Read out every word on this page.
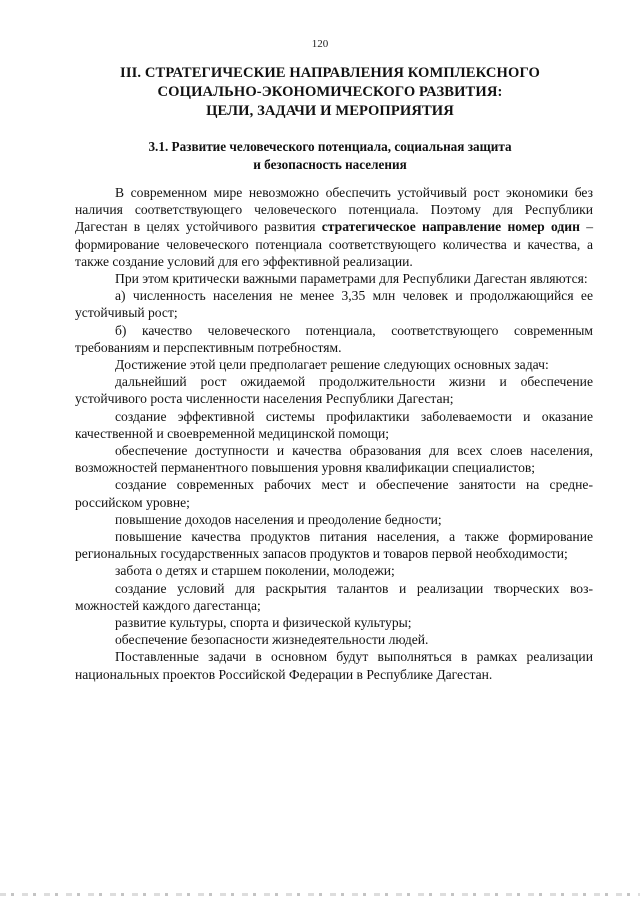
120
III. СТРАТЕГИЧЕСКИЕ НАПРАВЛЕНИЯ КОМПЛЕКСНОГО
СОЦИАЛЬНО-ЭКОНОМИЧЕСКОГО РАЗВИТИЯ:
ЦЕЛИ, ЗАДАЧИ И МЕРОПРИЯТИЯ
3.1. Развитие человеческого потенциала, социальная защита
и безопасность населения

В современном мире невозможно обеспечить устойчивый рост экономики без наличия соответствующего человеческого потенциала. Поэтому для Республики Дагестан в целях устойчивого развития стратегическое направление номер один – формирование человеческого потенциала соответствующего количества и качества, а также создание условий для его эффективной реализации.

При этом критически важными параметрами для Республики Дагестан являются:

а) численность населения не менее 3,35 млн человек и продолжающийся ее устойчивый рост;

б) качество человеческого потенциала, соответствующего современным требованиям и перспективным потребностям.

Достижение этой цели предполагает решение следующих основных задач:

дальнейший рост ожидаемой продолжительности жизни и обеспечение устойчивого роста численности населения Республики Дагестан;

создание эффективной системы профилактики заболеваемости и оказание качественной и своевременной медицинской помощи;

обеспечение доступности и качества образования для всех слоев населения, возможностей перманентного повышения уровня квалификации специалистов;

создание современных рабочих мест и обеспечение занятости на среднероссийском уровне;

повышение доходов населения и преодоление бедности;

повышение качества продуктов питания населения, а также формирование региональных государственных запасов продуктов и товаров первой необходимости;

забота о детях и старшем поколении, молодежи;

создание условий для раскрытия талантов и реализации творческих возможностей каждого дагестанца;

развитие культуры, спорта и физической культуры;

обеспечение безопасности жизнедеятельности людей.

Поставленные задачи в основном будут выполняться в рамках реализации национальных проектов Российской Федерации в Республике Дагестан.
